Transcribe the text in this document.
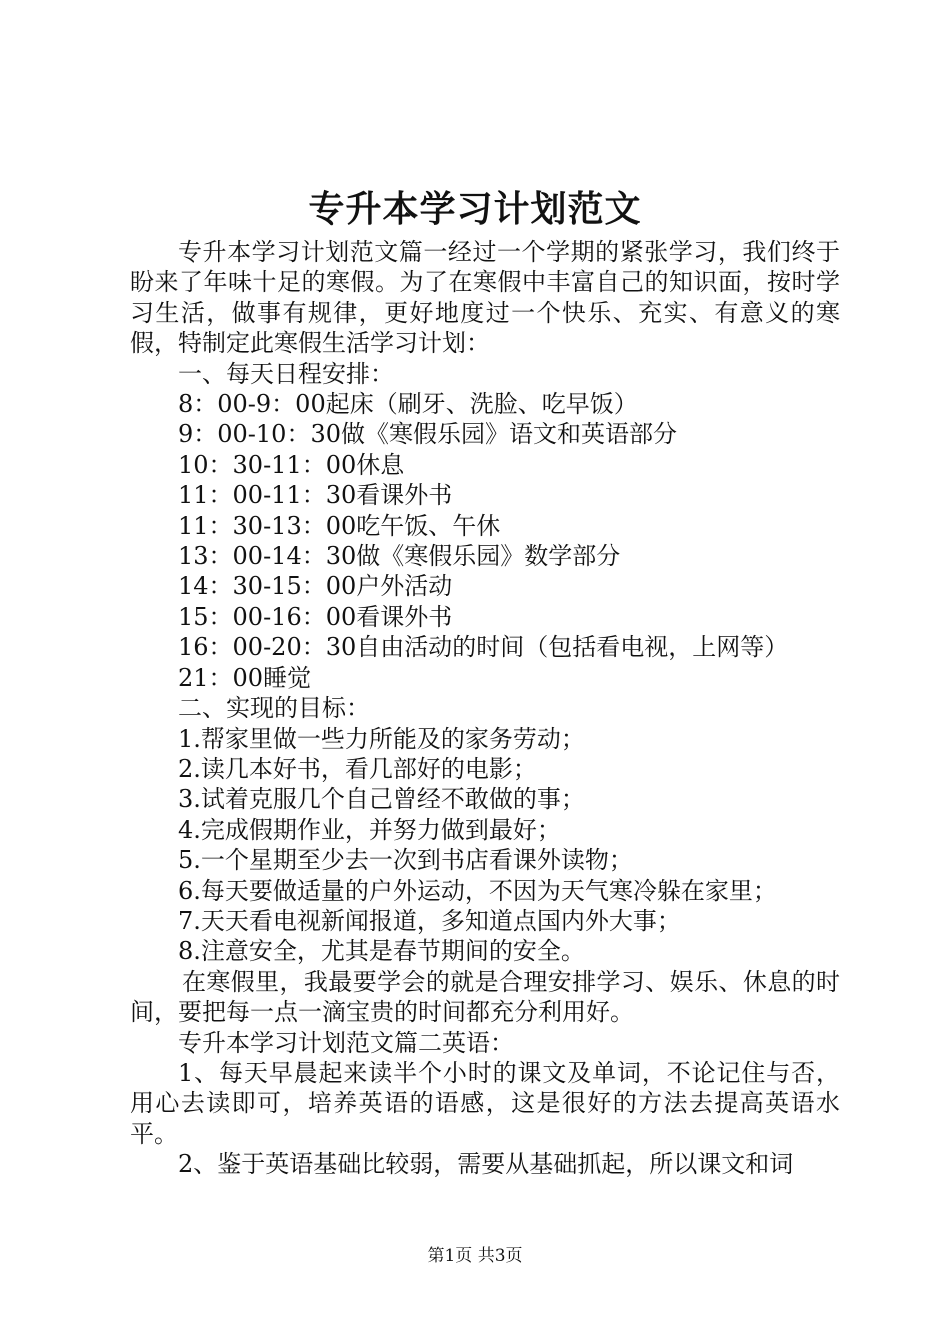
专升本学习计划范文

专升本学习计划范文篇一经过一个学期的紧张学习，我们终于盼来了年味十足的寒假。为了在寒假中丰富自己的知识面，按时学习生活，做事有规律，更好地度过一个快乐、充实、有意义的寒假，特制定此寒假生活学习计划：

一、每天日程安排：

8：00-9：00起床（刷牙、洗脸、吃早饭）

9：00-10：30做《寒假乐园》语文和英语部分

10：30-11：00休息

11：00-11：30看课外书

11：30-13：00吃午饭、午休

13：00-14：30做《寒假乐园》数学部分

14：30-15：00户外活动

15：00-16：00看课外书

16：00-20：30自由活动的时间（包括看电视，上网等）

21：00睡觉

二、实现的目标：

1.帮家里做一些力所能及的家务劳动；

2.读几本好书，看几部好的电影；

3.试着克服几个自己曾经不敢做的事；

4.完成假期作业，并努力做到最好；

5.一个星期至少去一次到书店看课外读物；

6.每天要做适量的户外运动，不因为天气寒冷躲在家里；

7.天天看电视新闻报道，多知道点国内外大事；

8.注意安全，尤其是春节期间的安全。

在寒假里，我最要学会的就是合理安排学习、娱乐、休息的时间，要把每一点一滴宝贵的时间都充分利用好。

专升本学习计划范文篇二英语：

1、每天早晨起来读半个小时的课文及单词，不论记住与否，用心去读即可，培养英语的语感，这是很好的方法去提高英语水平。

2、鉴于英语基础比较弱，需要从基础抓起，所以课文和词

第1页 共3页
